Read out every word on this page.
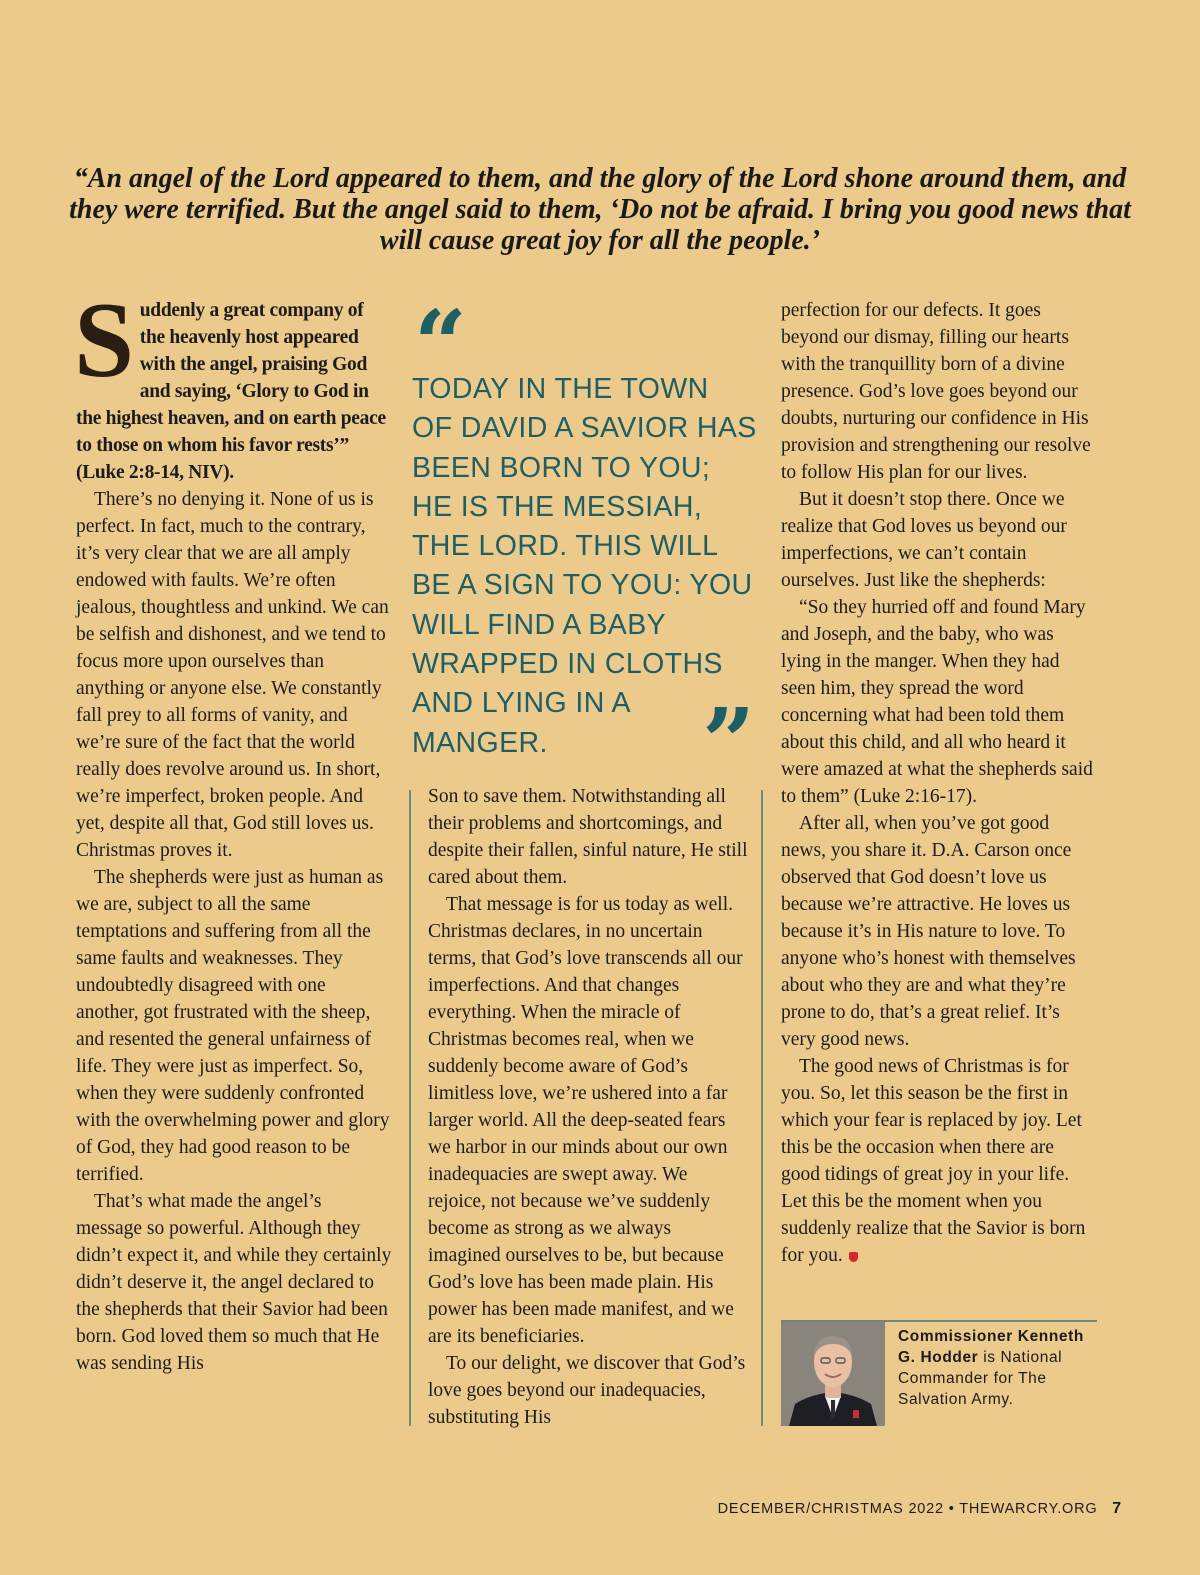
“An angel of the Lord appeared to them, and the glory of the Lord shone around them, and they were terrified. But the angel said to them, ‘Do not be afraid. I bring you good news that will cause great joy for all the people.’

Suddenly a great company of the heavenly host appeared with the angel, praising God and saying, ‘Glory to God in the highest heaven, and on earth peace to those on whom his favor rests’” (Luke 2:8-14, NIV).

There’s no denying it. None of us is perfect. In fact, much to the contrary, it’s very clear that we are all amply endowed with faults. We’re often jealous, thoughtless and unkind. We can be selfish and dishonest, and we tend to focus more upon ourselves than anything or anyone else. We constantly fall prey to all forms of vanity, and we’re sure of the fact that the world really does revolve around us. In short, we’re imperfect, broken people. And yet, despite all that, God still loves us. Christmas proves it.

The shepherds were just as human as we are, subject to all the same temptations and suffering from all the same faults and weaknesses. They undoubtedly disagreed with one another, got frustrated with the sheep, and resented the general unfairness of life. They were just as imperfect. So, when they were suddenly confronted with the overwhelming power and glory of God, they had good reason to be terrified.

That’s what made the angel’s message so powerful. Although they didn’t expect it, and while they certainly didn’t deserve it, the angel declared to the shepherds that their Savior had been born. God loved them so much that He was sending His

“
TODAY IN THE TOWN OF DAVID A SAVIOR HAS BEEN BORN TO YOU; HE IS THE MESSIAH, THE LORD. THIS WILL BE A SIGN TO YOU: YOU WILL FIND A BABY WRAPPED IN CLOTHS AND LYING IN A MANGER.	”

Son to save them. Notwithstanding all their problems and shortcomings, and despite their fallen, sinful nature, He still cared about them.

That message is for us today as well. Christmas declares, in no uncertain terms, that God’s love transcends all our imperfections. And that changes everything. When the miracle of Christmas becomes real, when we suddenly become aware of God’s limitless love, we’re ushered into a far larger world. All the deep-seated fears we harbor in our minds about our own inadequacies are swept away. We rejoice, not because we’ve suddenly become as strong as we always imagined ourselves to be, but because God’s love has been made plain. His power has been made manifest, and we are its beneficiaries.

To our delight, we discover that God’s love goes beyond our inadequacies, substituting His

perfection for our defects. It goes beyond our dismay, filling our hearts with the tranquillity born of a divine presence. God’s love goes beyond our doubts, nurturing our confidence in His provision and strengthening our resolve to follow His plan for our lives.

But it doesn’t stop there. Once we realize that God loves us beyond our imperfections, we can’t contain ourselves. Just like the shepherds:

“So they hurried off and found Mary and Joseph, and the baby, who was lying in the manger. When they had seen him, they spread the word concerning what had been told them about this child, and all who heard it were amazed at what the shepherds said to them” (Luke 2:16-17).

After all, when you’ve got good news, you share it. D.A. Carson once observed that God doesn’t love us because we’re attractive. He loves us because it’s in His nature to love. To anyone who’s honest with themselves about who they are and what they’re prone to do, that’s a great relief. It’s very good news.

The good news of Christmas is for you. So, let this season be the first in which your fear is replaced by joy. Let this be the occasion when there are good tidings of great joy in your life. Let this be the moment when you suddenly realize that the Savior is born for you.

Commissioner Kenneth G. Hodder is National Commander for The Salvation Army.
DECEMBER/CHRISTMAS 2022 • THEWARCRY.ORG 7
